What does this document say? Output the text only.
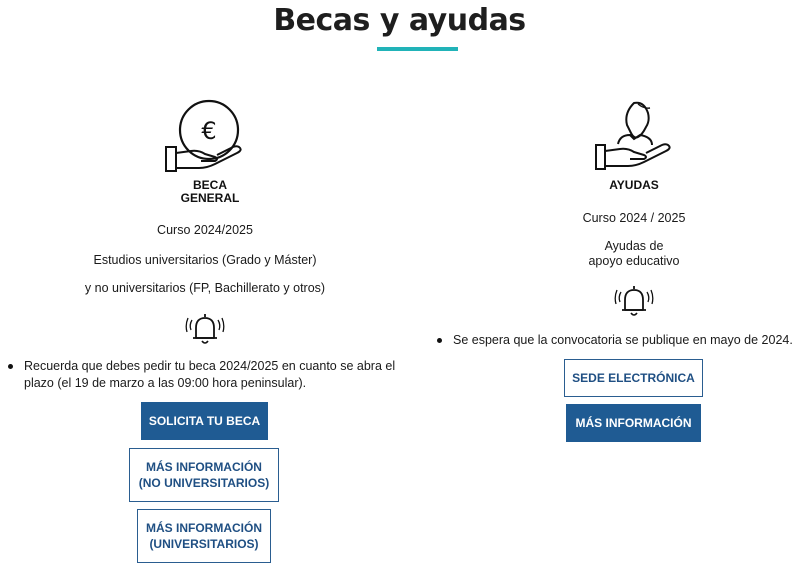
Becas y ayudas
€
BECA
GENERAL
Curso 2024/2025
Estudios universitarios (Grado y Máster)
y no universitarios (FP, Bachillerato y otros)
Recuerda que debes pedir tu beca 2024/2025 en cuanto se abra el
plazo (el 19 de marzo a las 09:00 hora peninsular).
SOLICITA TU BECA
MÁS INFORMACIÓN
(NO UNIVERSITARIOS)
MÁS INFORMACIÓN
(UNIVERSITARIOS)
AYUDAS
Curso 2024 / 2025
Ayudas de
apoyo educativo
Se espera que la convocatoria se publique en mayo de 2024.
SEDE ELECTRÓNICA
MÁS INFORMACIÓN
